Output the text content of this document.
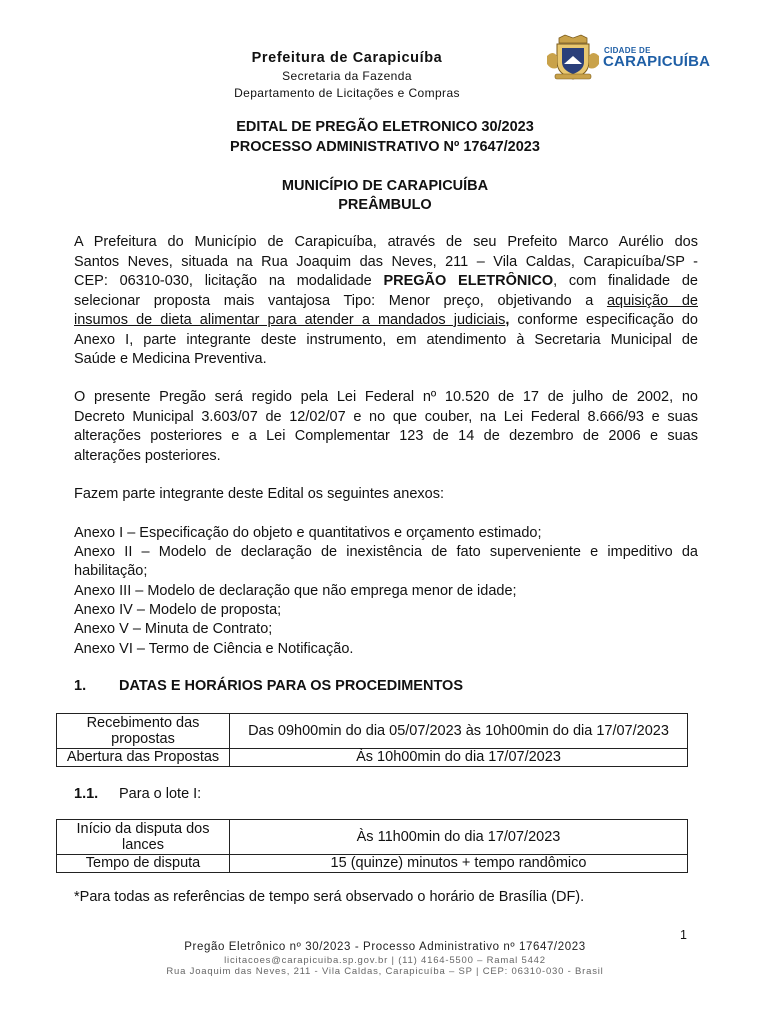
Prefeitura de Carapicuíba
Secretaria da Fazenda
Departamento de Licitações e Compras
CIDADE DE
CARAPICUÍBA
EDITAL DE PREGÃO ELETRONICO 30/2023
PROCESSO ADMINISTRATIVO Nº 17647/2023
MUNICÍPIO DE CARAPICUÍBA
PREÂMBULO
A Prefeitura do Município de Carapicuíba, através de seu Prefeito Marco Aurélio dos
Santos Neves, situada na Rua Joaquim das Neves, 211 – Vila Caldas, Carapicuíba/SP -
CEP: 06310-030, licitação na modalidade PREGÃO ELETRÔNICO, com finalidade de
selecionar proposta mais vantajosa Tipo: Menor preço, objetivando a aquisição de
insumos de dieta alimentar para atender a mandados judiciais, conforme especificação do
Anexo I, parte integrante deste instrumento, em atendimento à Secretaria Municipal de
Saúde e Medicina Preventiva.
O presente Pregão será regido pela Lei Federal nº 10.520 de 17 de julho de 2002, no
Decreto Municipal 3.603/07 de 12/02/07 e no que couber, na Lei Federal 8.666/93 e suas
alterações posteriores e a Lei Complementar 123 de 14 de dezembro de 2006 e suas
alterações posteriores.
Fazem parte integrante deste Edital os seguintes anexos:
Anexo I – Especificação do objeto e quantitativos e orçamento estimado;
Anexo II – Modelo de declaração de inexistência de fato superveniente e impeditivo da
habilitação;
Anexo III – Modelo de declaração que não emprega menor de idade;
Anexo IV – Modelo de proposta;
Anexo V – Minuta de Contrato;
Anexo VI – Termo de Ciência e Notificação.
1. DATAS E HORÁRIOS PARA OS PROCEDIMENTOS
Recebimento das
propostas	Das 09h00min do dia 05/07/2023 às 10h00min do dia 17/07/2023
Abertura das Propostas	Às 10h00min do dia 17/07/2023
1.1. Para o lote I:
Início da disputa dos
lances	Às 11h00min do dia 17/07/2023
Tempo de disputa	15 (quinze) minutos + tempo randômico
*Para todas as referências de tempo será observado o horário de Brasília (DF).
1
Pregão Eletrônico nº 30/2023 - Processo Administrativo nº 17647/2023
licitacoes@carapicuiba.sp.gov.br | (11) 4164-5500 – Ramal 5442
Rua Joaquim das Neves, 211 - Vila Caldas, Carapicuíba – SP | CEP: 06310-030 - Brasil
